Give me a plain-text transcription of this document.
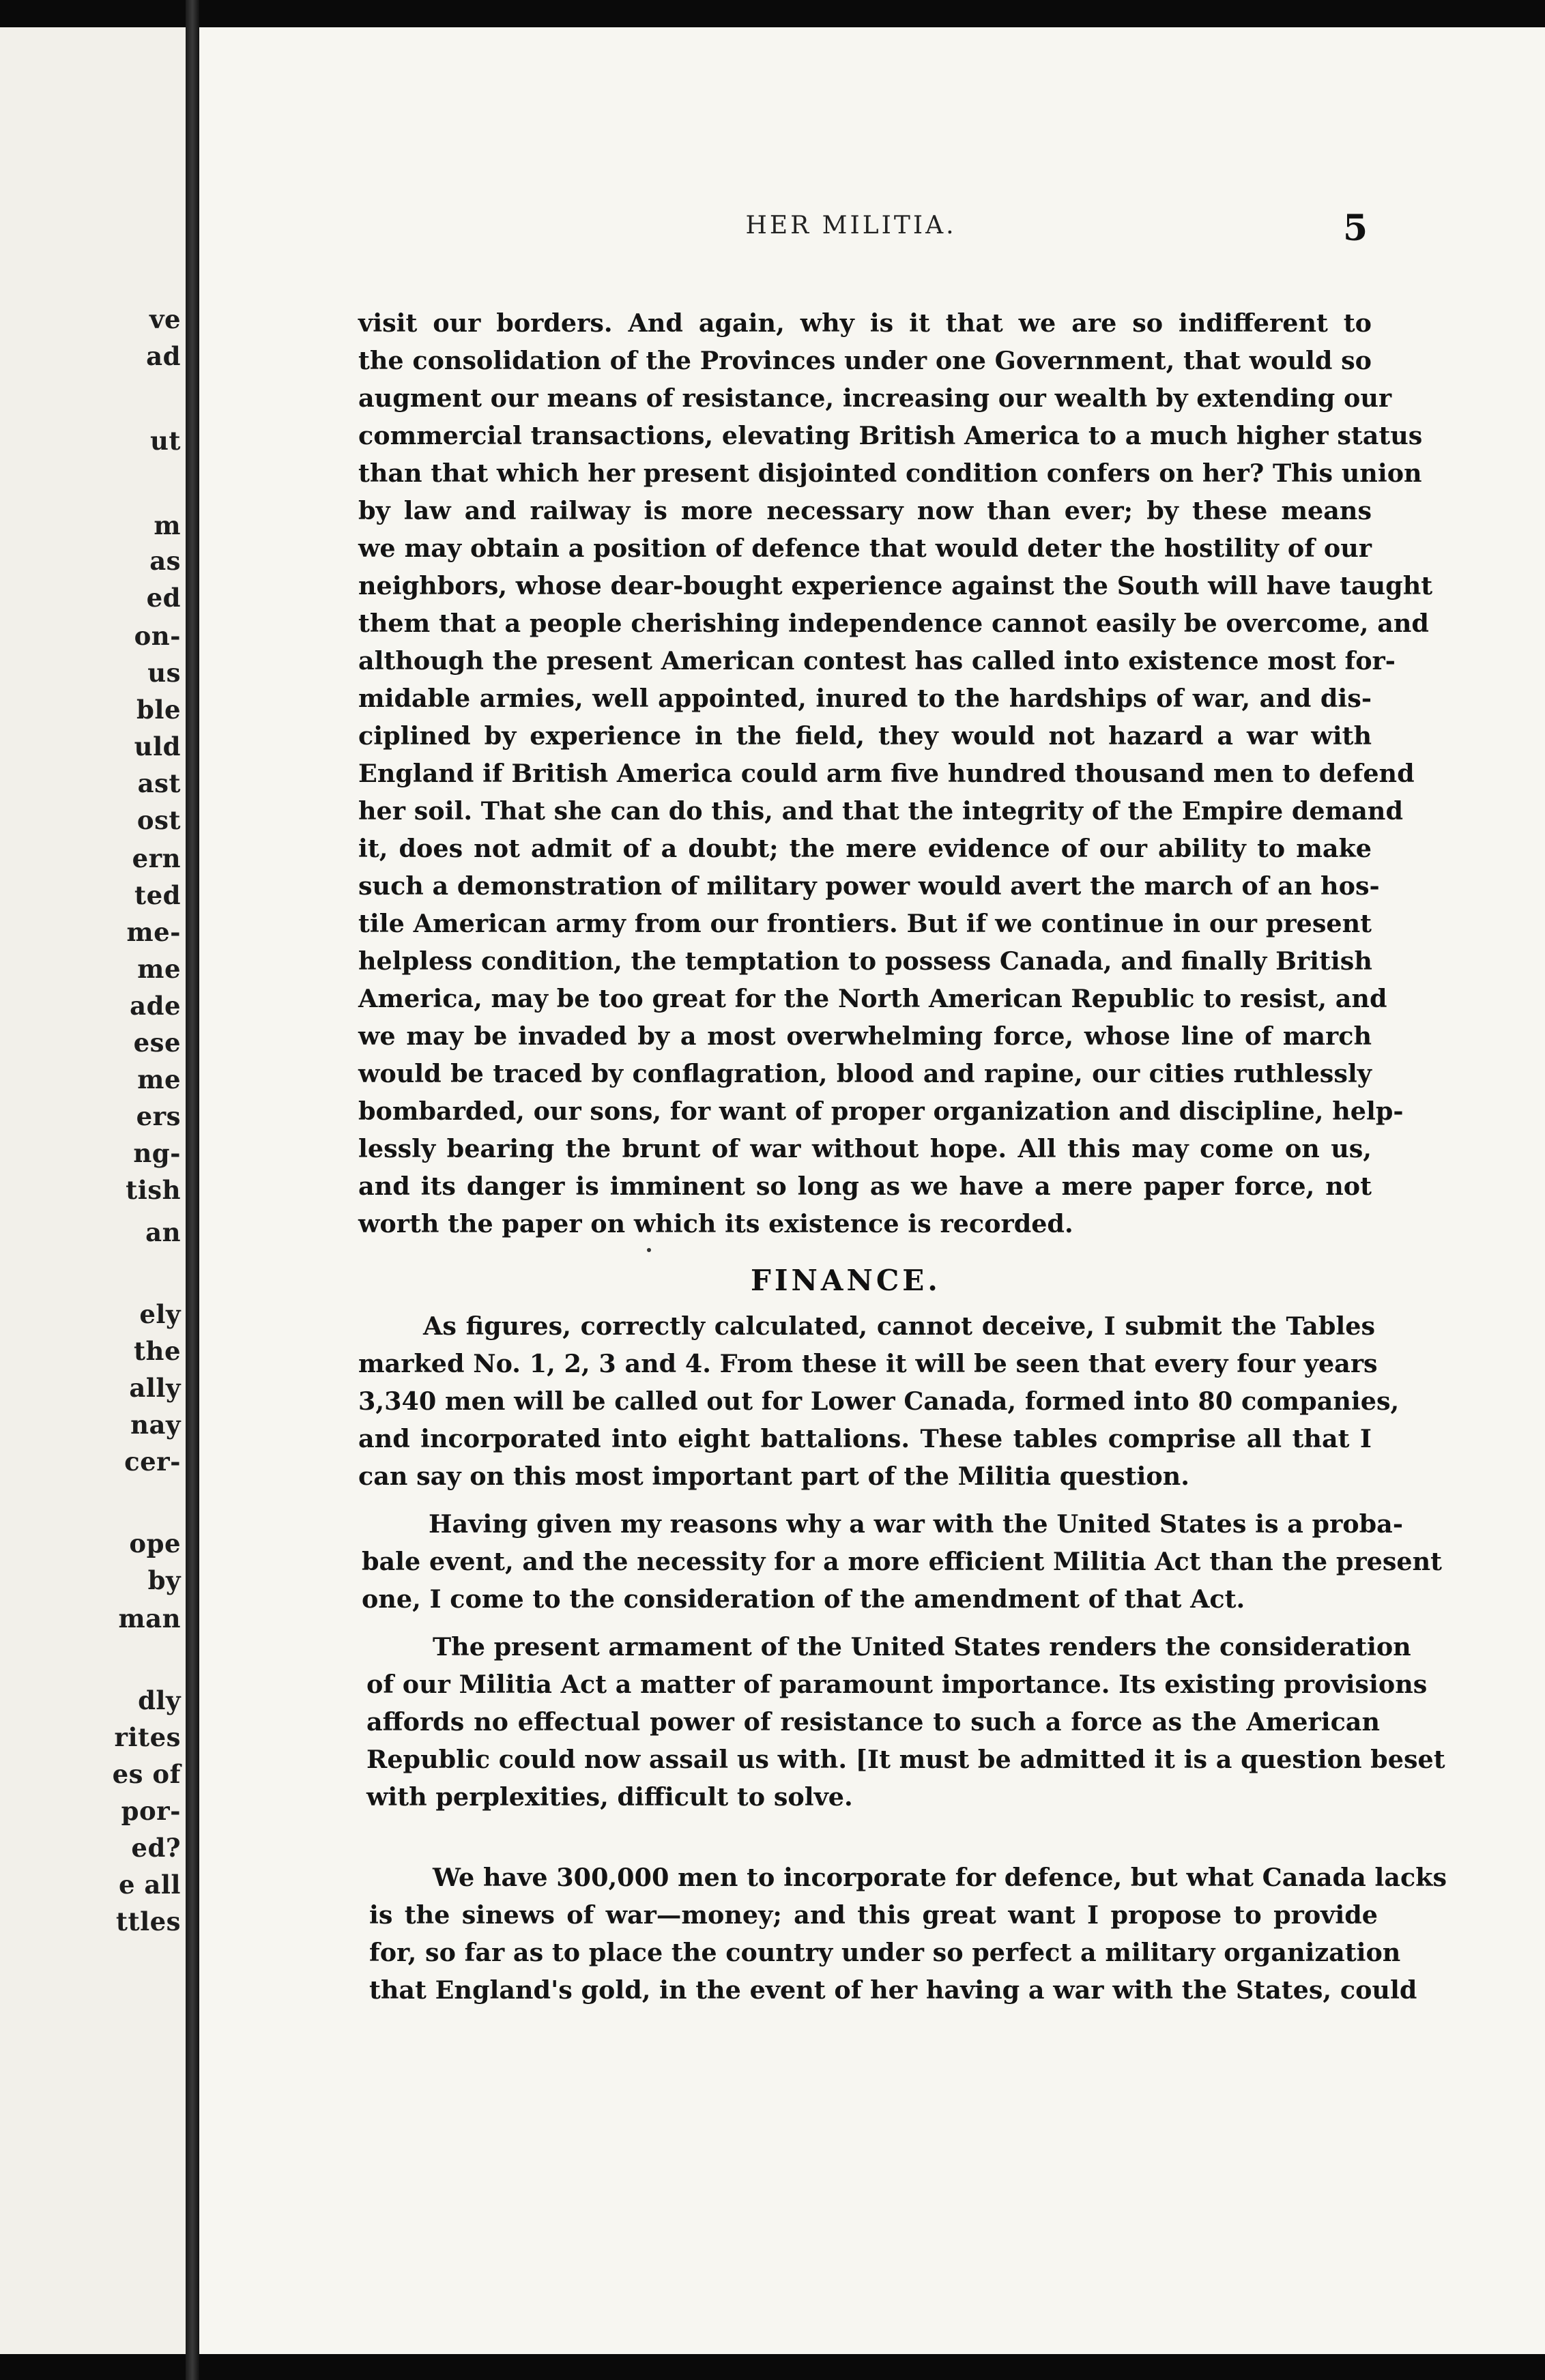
ve
ad
ut
m
as
ed
on-
us
ble
uld
ast
ost
ern
ted
me-
me
ade
ese
me
ers
ng-
tish
an
ely
the
ally
nay
cer-
ope
by
man
dly
rites
es of
por-
ed?
e all
ttles
HER MILITIA.	5
visit our borders. And again, why is it that we are so indifferent to
the consolidation of the Provinces under one Government, that would so
augment our means of resistance, increasing our wealth by extending our
commercial transactions, elevating British America to a much higher status
than that which her present disjointed condition confers on her? This union
by law and railway is more necessary now than ever; by these means
we may obtain a position of defence that would deter the hostility of our
neighbors, whose dear-bought experience against the South will have taught
them that a people cherishing independence cannot easily be overcome, and
although the present American contest has called into existence most for-
midable armies, well appointed, inured to the hardships of war, and dis-
ciplined by experience in the field, they would not hazard a war with
England if British America could arm five hundred thousand men to defend
her soil. That she can do this, and that the integrity of the Empire demand
it, does not admit of a doubt; the mere evidence of our ability to make
such a demonstration of military power would avert the march of an hos-
tile American army from our frontiers. But if we continue in our present
helpless condition, the temptation to possess Canada, and finally British
America, may be too great for the North American Republic to resist, and
we may be invaded by a most overwhelming force, whose line of march
would be traced by conflagration, blood and rapine, our cities ruthlessly
bombarded, our sons, for want of proper organization and discipline, help-
lessly bearing the brunt of war without hope. All this may come on us,
and its danger is imminent so long as we have a mere paper force, not
worth the paper on which its existence is recorded.
FINANCE.
As figures, correctly calculated, cannot deceive, I submit the Tables
marked No. 1, 2, 3 and 4. From these it will be seen that every four years
3,340 men will be called out for Lower Canada, formed into 80 companies,
and incorporated into eight battalions. These tables comprise all that I
can say on this most important part of the Militia question.
Having given my reasons why a war with the United States is a proba-
bale event, and the necessity for a more efficient Militia Act than the present
one, I come to the consideration of the amendment of that Act.
The present armament of the United States renders the consideration
of our Militia Act a matter of paramount importance. Its existing provisions
affords no effectual power of resistance to such a force as the American
Republic could now assail us with. [It must be admitted it is a question beset
with perplexities, difficult to solve.
We have 300,000 men to incorporate for defence, but what Canada lacks
is the sinews of war—money; and this great want I propose to provide
for, so far as to place the country under so perfect a military organization
that England's gold, in the event of her having a war with the States, could
